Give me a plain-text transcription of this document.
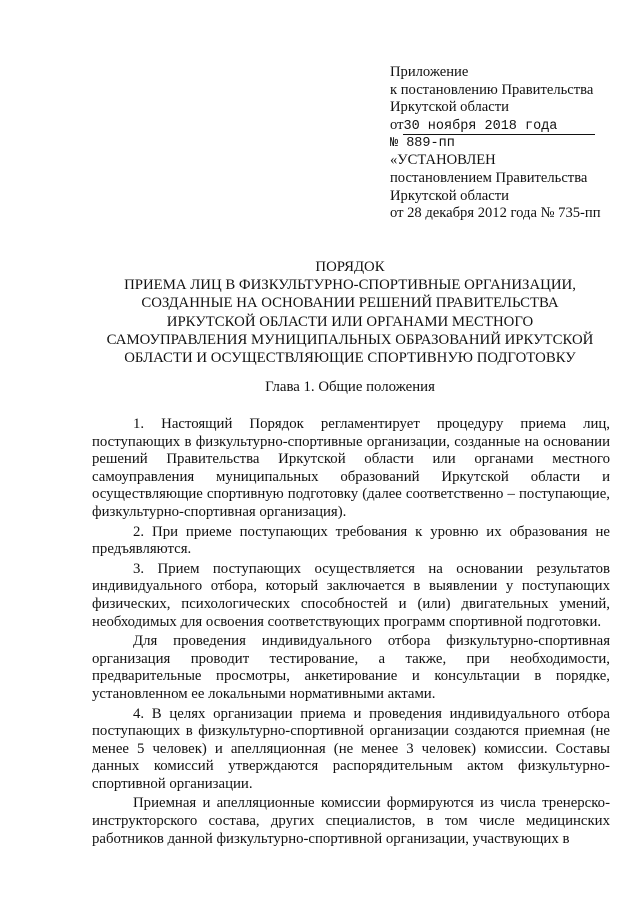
Приложение
к постановлению Правительства
Иркутской области
от30 ноября 2018 года
№ 889-пп
«УСТАНОВЛЕН
постановлением Правительства
Иркутской области
от 28 декабря 2012 года № 735-пп
ПОРЯДОК
ПРИЕМА ЛИЦ В ФИЗКУЛЬТУРНО-СПОРТИВНЫЕ ОРГАНИЗАЦИИ,
СОЗДАННЫЕ НА ОСНОВАНИИ РЕШЕНИЙ ПРАВИТЕЛЬСТВА
ИРКУТСКОЙ ОБЛАСТИ ИЛИ ОРГАНАМИ МЕСТНОГО
САМОУПРАВЛЕНИЯ МУНИЦИПАЛЬНЫХ ОБРАЗОВАНИЙ ИРКУТСКОЙ
ОБЛАСТИ И ОСУЩЕСТВЛЯЮЩИЕ СПОРТИВНУЮ ПОДГОТОВКУ
Глава 1. Общие положения

1. Настоящий Порядок регламентирует процедуру приема лиц, поступающих в физкультурно-спортивные организации, созданные на основании решений Правительства Иркутской области или органами местного самоуправления муниципальных образований Иркутской области и осуществляющие спортивную подготовку (далее соответственно – поступающие, физкультурно-спортивная организация).

2. При приеме поступающих требования к уровню их образования не предъявляются.

3. Прием поступающих осуществляется на основании результатов индивидуального отбора, который заключается в выявлении у поступающих физических, психологических способностей и (или) двигательных умений, необходимых для освоения соответствующих программ спортивной подготовки.

Для проведения индивидуального отбора физкультурно-спортивная организация проводит тестирование, а также, при необходимости, предварительные просмотры, анкетирование и консультации в порядке, установленном ее локальными нормативными актами.

4. В целях организации приема и проведения индивидуального отбора поступающих в физкультурно-спортивной организации создаются приемная (не менее 5 человек) и апелляционная (не менее 3 человек) комиссии. Составы данных комиссий утверждаются распорядительным актом физкультурно-спортивной организации.

Приемная и апелляционные комиссии формируются из числа тренерско-инструкторского состава, других специалистов, в том числе медицинских работников данной физкультурно-спортивной организации, участвующих в
